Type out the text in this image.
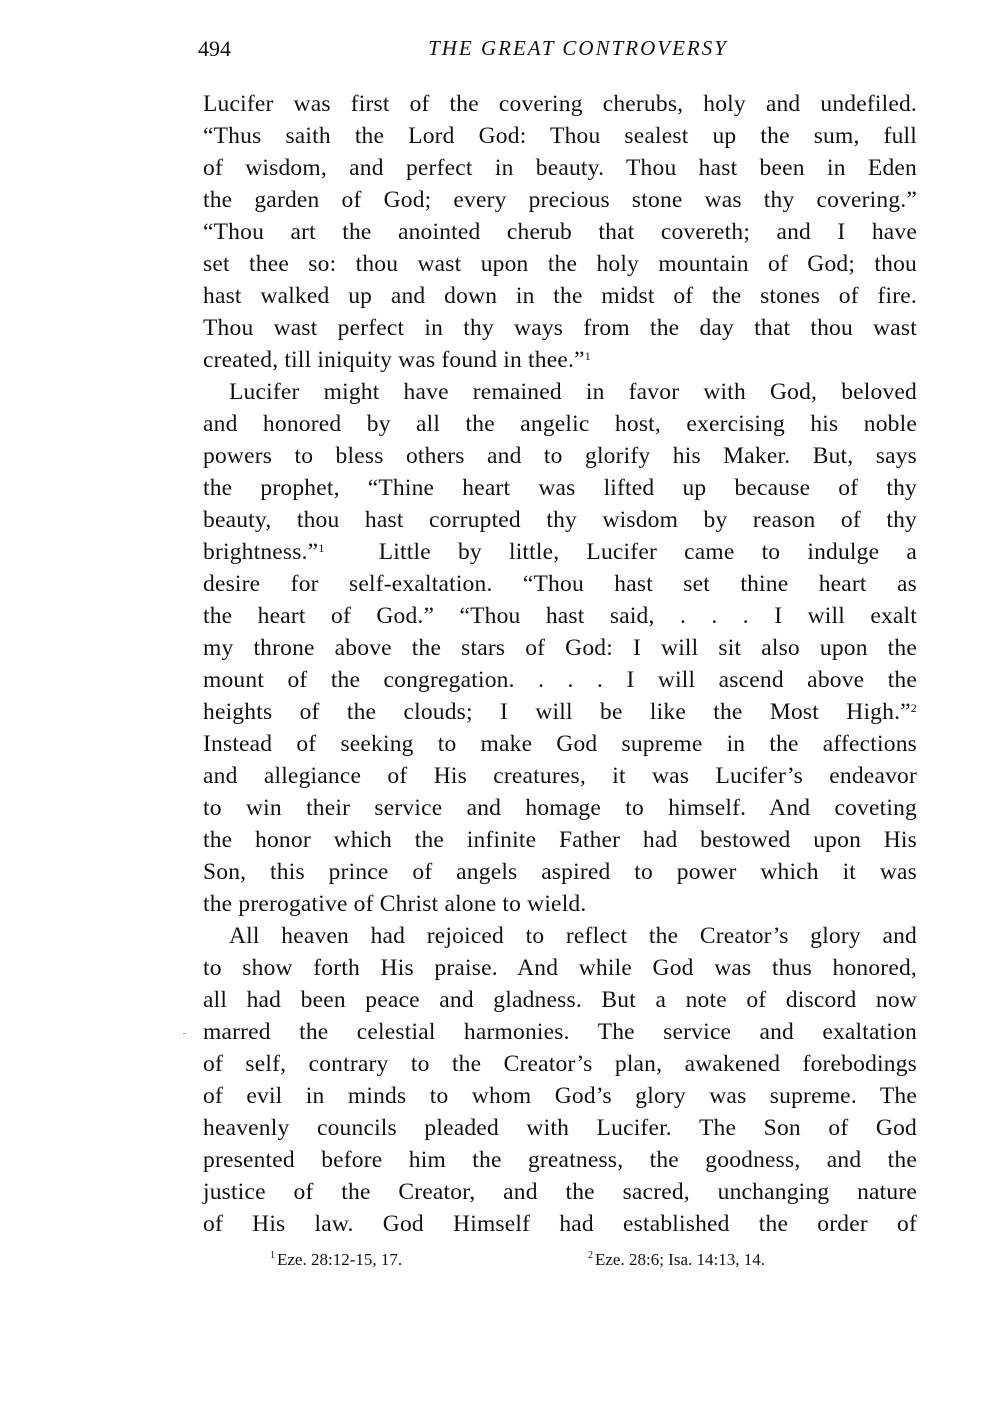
494	THE GREAT CONTROVERSY
Lucifer was first of the covering cherubs, holy and undefiled.
“Thus saith the Lord God: Thou sealest up the sum, full
of wisdom, and perfect in beauty. Thou hast been in Eden
the garden of God; every precious stone was thy covering.”
“Thou art the anointed cherub that covereth; and I have
set thee so: thou wast upon the holy mountain of God; thou
hast walked up and down in the midst of the stones of fire.
Thou wast perfect in thy ways from the day that thou wast
created, till iniquity was found in thee.”$^1$
Lucifer might have remained in favor with God, beloved
and honored by all the angelic host, exercising his noble
powers to bless others and to glorify his Maker. But, says
the prophet, “Thine heart was lifted up because of thy
beauty, thou hast corrupted thy wisdom by reason of thy
brightness.”$^1$  Little by little, Lucifer came to indulge a
desire for self-exaltation. “Thou hast set thine heart as
the heart of God.” “Thou hast said, . . . I will exalt
my throne above the stars of God: I will sit also upon the
mount of the congregation. . . . I will ascend above the
heights of the clouds; I will be like the Most High.”$^2$
Instead of seeking to make God supreme in the affections
and allegiance of His creatures, it was Lucifer’s endeavor
to win their service and homage to himself. And coveting
the honor which the infinite Father had bestowed upon His
Son, this prince of angels aspired to power which it was
the prerogative of Christ alone to wield.
All heaven had rejoiced to reflect the Creator’s glory and
to show forth His praise. And while God was thus honored,
all had been peace and gladness. But a note of discord now
marred the celestial harmonies. The service and exaltation
of self, contrary to the Creator’s plan, awakened forebodings
of evil in minds to whom God’s glory was supreme. The
heavenly councils pleaded with Lucifer. The Son of God
presented before him the greatness, the goodness, and the
justice of the Creator, and the sacred, unchanging nature
of His law. God Himself had established the order of
$^1$ Eze. 28:12-15, 17.	$^2$ Eze. 28:6; Isa. 14:13, 14.
